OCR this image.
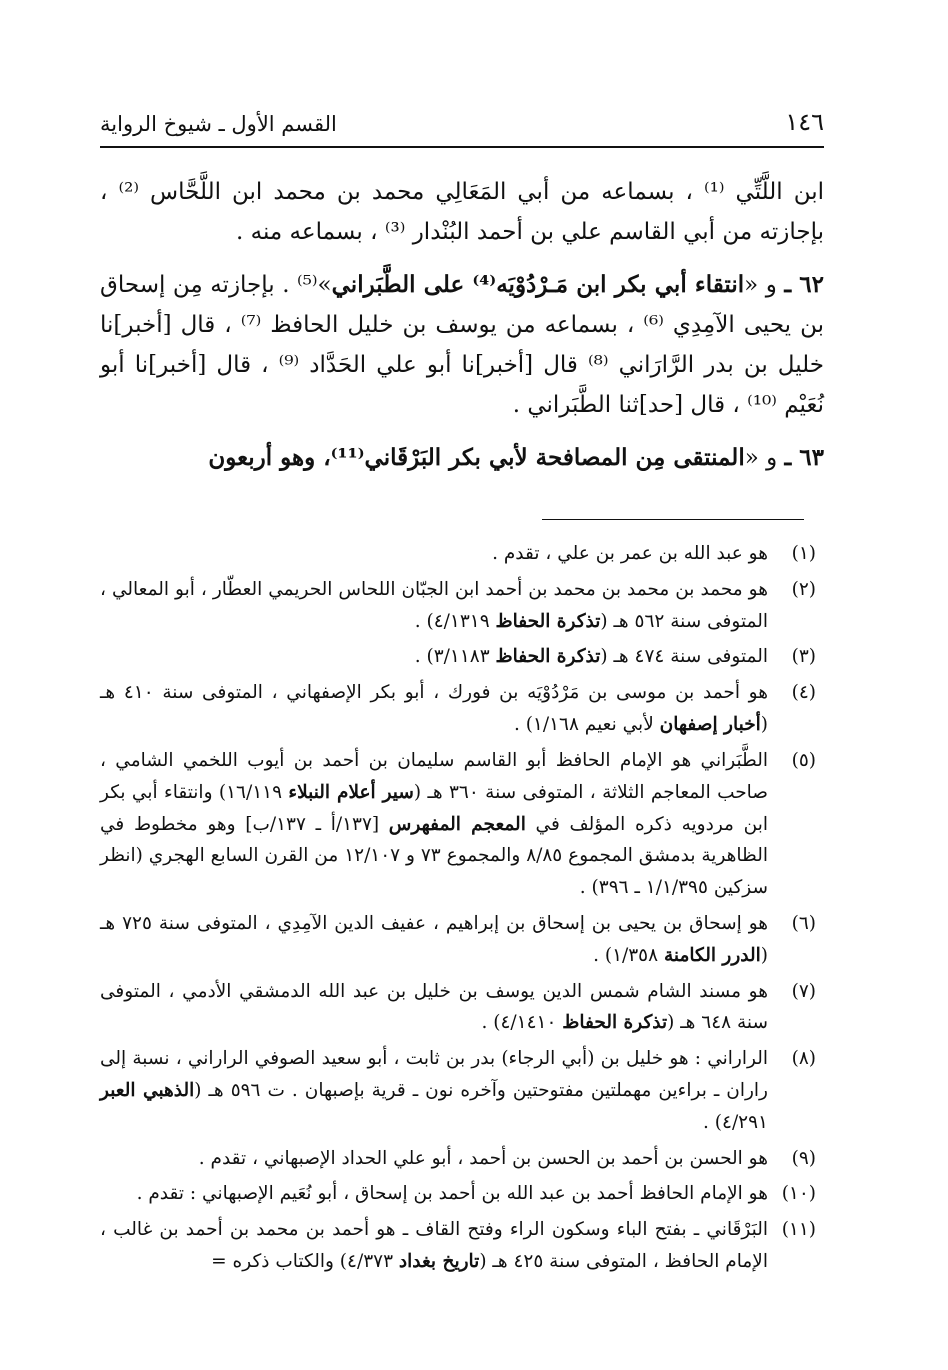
١٤٦
القسم الأول ـ شيوخ الرواية

ابن اللَّتِّي ⁽¹⁾ ، بسماعه من أبي المَعَالِي محمد بن محمد ابن اللَّحَّاس ⁽²⁾ ، بإجازته من أبي القاسم علي بن أحمد البُنْدار ⁽³⁾ ، بسماعه منه .

٦٢ ـ و «انتقاء أبي بكر ابن مَـرْدُوْيَه⁽⁴⁾ على الطَّبَراني»⁽⁵⁾ . بإجازته مِن إسحاق بن يحيى الآمِدِي ⁽⁶⁾ ، بسماعه من يوسف بن خليل الحافظ ⁽⁷⁾ ، قال [أخبر]نا خليل بن بدر الرَّارَاني ⁽⁸⁾ قال [أخبر]نا أبو علي الحَدَّاد ⁽⁹⁾ ، قال [أخبر]نا أبو نُعَيْم ⁽¹⁰⁾ ، قال [حد]ثنا الطَّبَراني .

٦٣ ـ و «المنتقى مِن المصافحة لأبي بكر البَرْقَاني⁽¹¹⁾، وهو أربعون

(١)
هو عبد الله بن عمر بن علي ، تقدم .
(٢)
هو محمد بن محمد بن محمد بن أحمد ابن الجبّان اللحاس الحريمي العطّار ، أبو المعالي ، المتوفى سنة ٥٦٢ هـ (تذكرة الحفاظ ٤/١٣١٩) .
(٣)
المتوفى سنة ٤٧٤ هـ (تذكرة الحفاظ ٣/١١٨٣) .
(٤)
هو أحمد بن موسى بن مَرْدُوْيَه بن فورك ، أبو بكر الإصفهاني ، المتوفى سنة ٤١٠ هـ (أخبار إصفهان لأبي نعيم ١/١٦٨) .
(٥)
الطَّبَراني هو الإمام الحافظ أبو القاسم سليمان بن أحمد بن أيوب اللخمي الشامي ، صاحب المعاجم الثلاثة ، المتوفى سنة ٣٦٠ هـ (سير أعلام النبلاء ١٦/١١٩) وانتقاء أبي بكر ابن مردويه ذكره المؤلف في المعجم المفهرس [١٣٧/أ ـ ١٣٧/ب] وهو مخطوط في الظاهرية بدمشق المجموع ٨/٨٥ والمجموع ٧٣ و ١٢/١٠٧ من القرن السابع الهجري (انظر سزكين ١/١/٣٩٥ ـ ٣٩٦) .
(٦)
هو إسحاق بن يحيى بن إسحاق بن إبراهيم ، عفيف الدين الآمِدِي ، المتوفى سنة ٧٢٥ هـ (الدرر الكامنة ١/٣٥٨) .
(٧)
هو مسند الشام شمس الدين يوسف بن خليل بن عبد الله الدمشقي الأدمي ، المتوفى سنة ٦٤٨ هـ (تذكرة الحفاظ ٤/١٤١٠) .
(٨)
الراراني : هو خليل بن (أبي الرجاء) بدر بن ثابت ، أبو سعيد الصوفي الراراني ، نسبة إلى راران ـ براءين مهملتين مفتوحتين وآخره نون ـ قرية بإصبهان . ت ٥٩٦ هـ (الذهبي العبر ٤/٢٩١) .
(٩)
هو الحسن بن أحمد بن الحسن بن أحمد ، أبو علي الحداد الإصبهاني ، تقدم .
(١٠)
هو الإمام الحافظ أحمد بن عبد الله بن أحمد بن إسحاق ، أبو نُعَيم الإصبهاني : تقدم .
(١١)
البَرْقَاني ـ بفتح الباء وسكون الراء وفتح القاف ـ هو أحمد بن محمد بن أحمد بن غالب ، الإمام الحافظ ، المتوفى سنة ٤٢٥ هـ (تاريخ بغداد ٤/٣٧٣) والكتاب ذكره =
